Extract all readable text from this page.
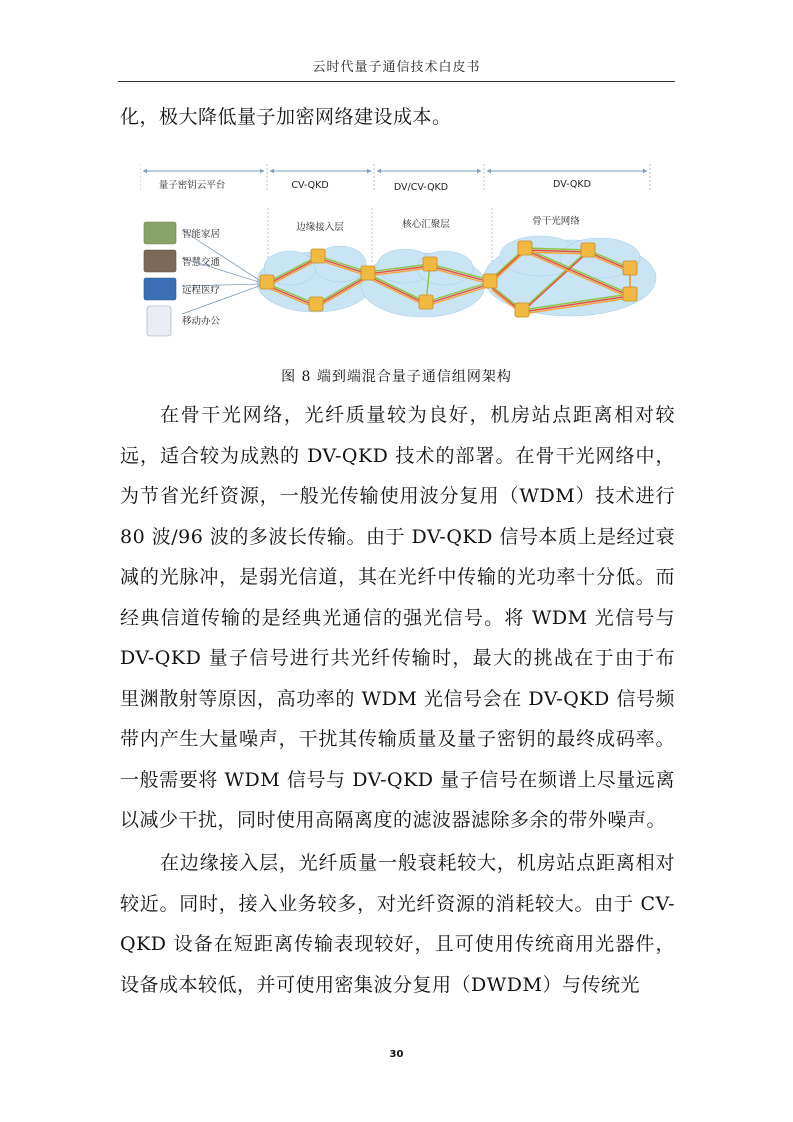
云时代量子通信技术白皮书

化，极大降低量子加密网络建设成本。

量子密钥云平台	CV-QKD	DV/CV-QKD	DV-QKD
边缘接入层	核心汇聚层	骨干光网络
智能家居
智慧交通
远程医疗
移动办公
图 8 端到端混合量子通信组网架构

在骨干光网络，光纤质量较为良好，机房站点距离相对较远，适合较为成熟的 DV-QKD 技术的部署。在骨干光网络中，为节省光纤资源，一般光传输使用波分复用（WDM）技术进行 80 波/96 波的多波长传输。由于 DV-QKD 信号本质上是经过衰减的光脉冲，是弱光信道，其在光纤中传输的光功率十分低。而经典信道传输的是经典光通信的强光信号。将 WDM 光信号与 DV-QKD 量子信号进行共光纤传输时，最大的挑战在于由于布里渊散射等原因，高功率的 WDM 光信号会在 DV-QKD 信号频带内产生大量噪声，干扰其传输质量及量子密钥的最终成码率。一般需要将 WDM 信号与 DV-QKD 量子信号在频谱上尽量远离以减少干扰，同时使用高隔离度的滤波器滤除多余的带外噪声。

在边缘接入层，光纤质量一般衰耗较大，机房站点距离相对较近。同时，接入业务较多，对光纤资源的消耗较大。由于 CV-QKD 设备在短距离传输表现较好，且可使用传统商用光器件，设备成本较低，并可使用密集波分复用（DWDM）与传统光

30
